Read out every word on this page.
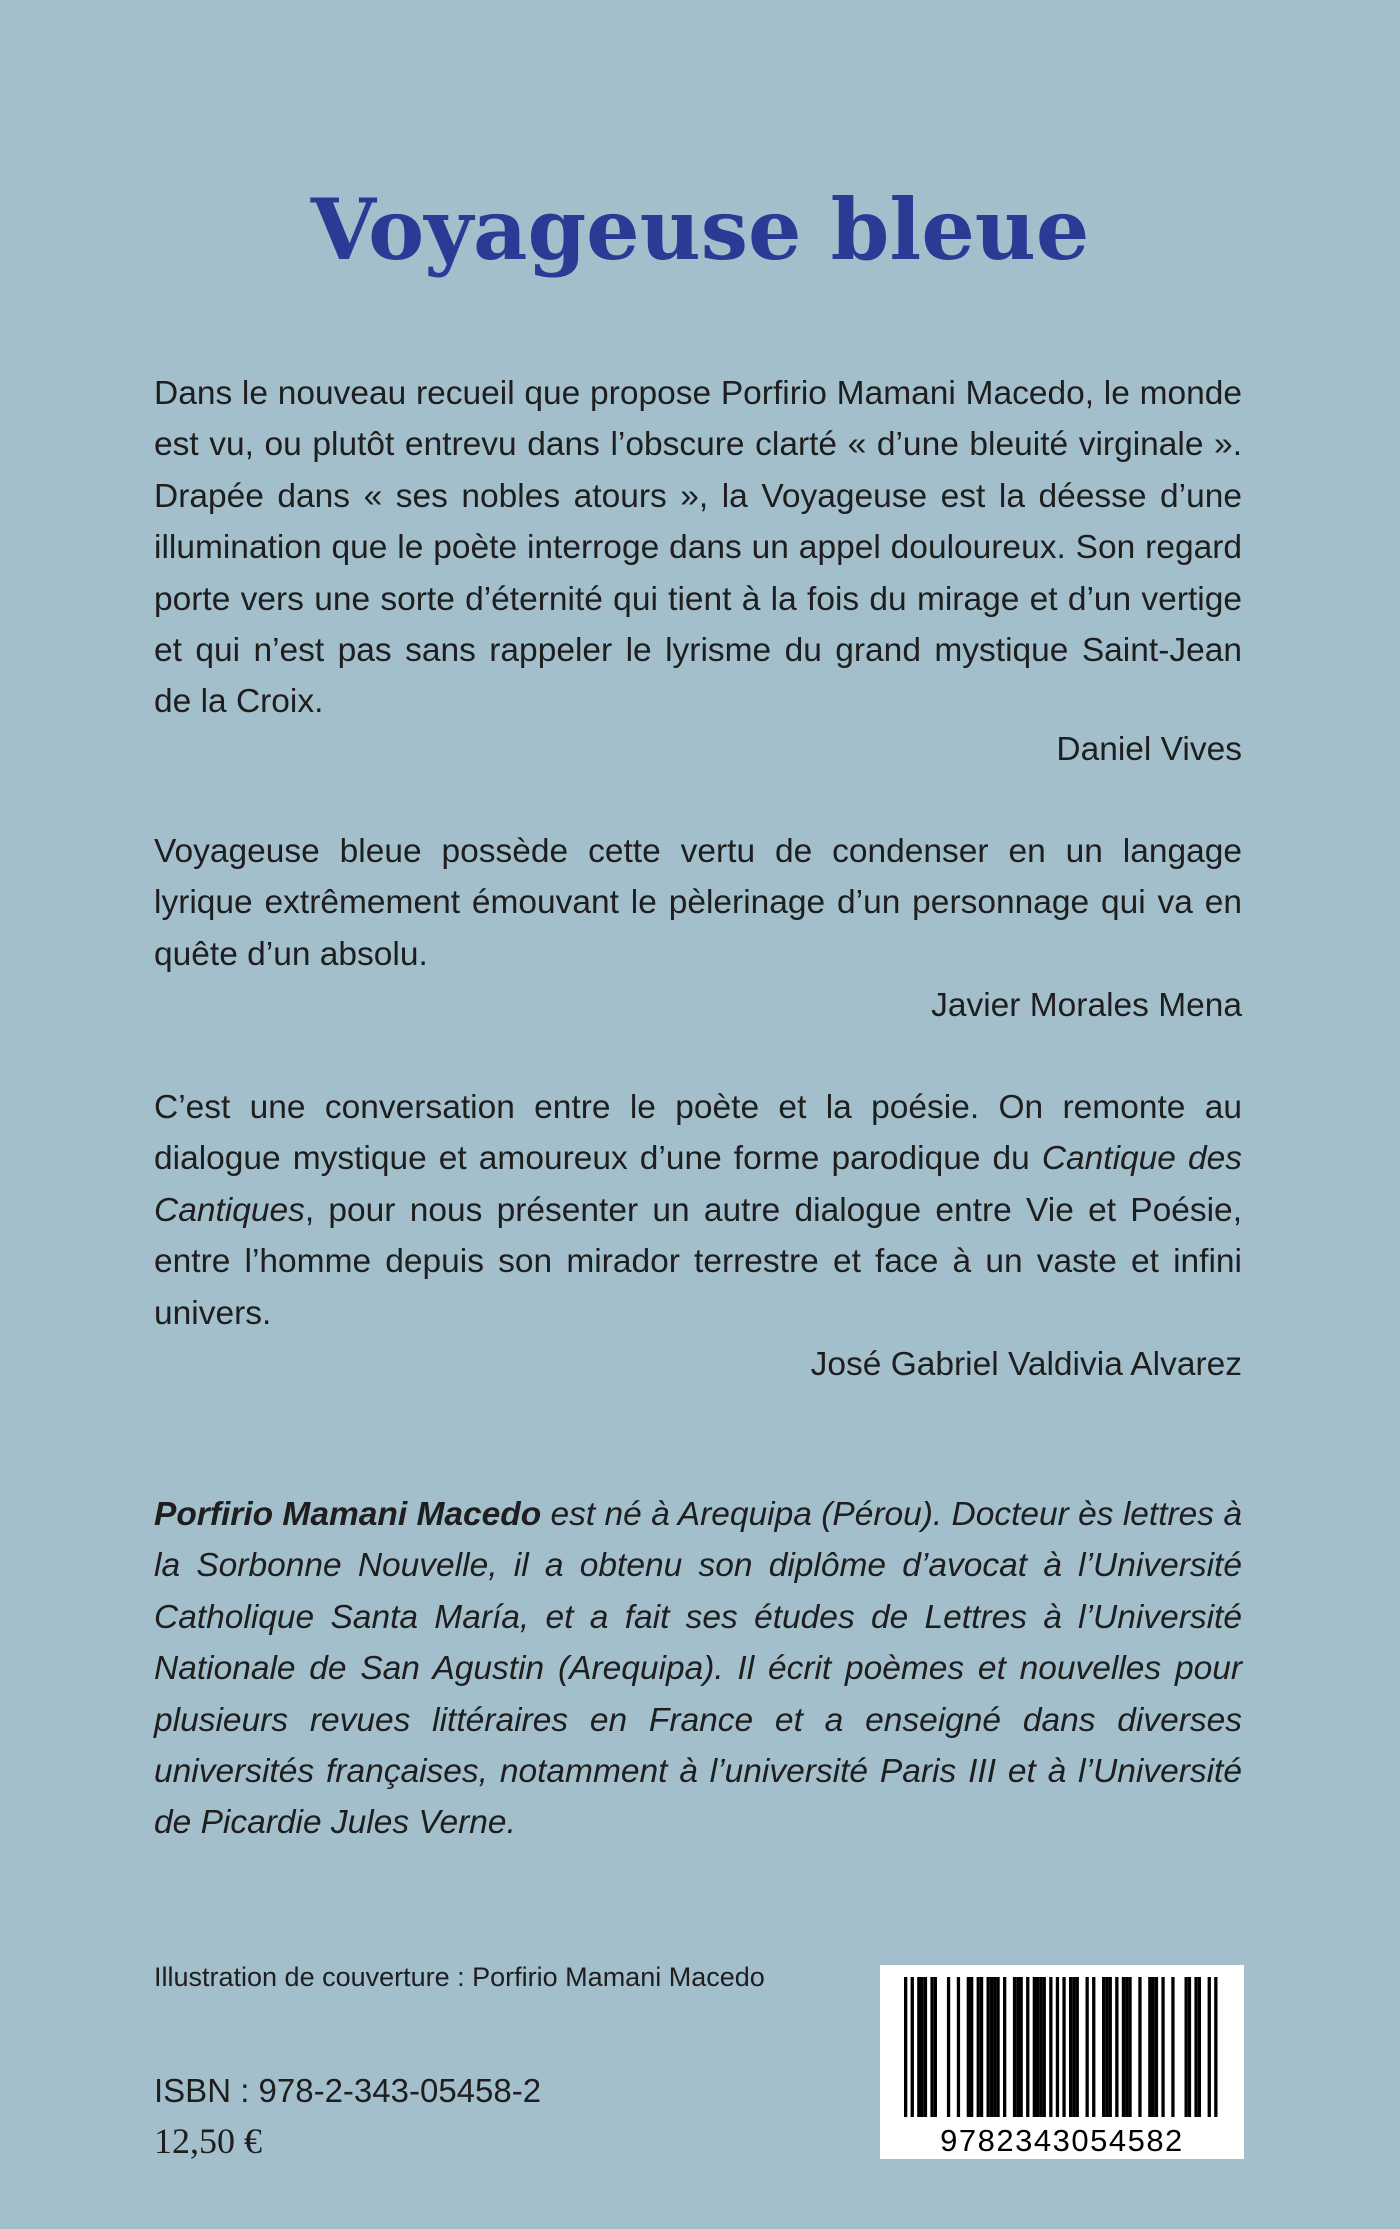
Voyageuse bleue

Dans le nouveau recueil que propose Porfirio Mamani Macedo, le monde est vu, ou plutôt entrevu dans l’obscure clarté « d’une bleuité virginale ». Drapée dans « ses nobles atours », la Voyageuse est la déesse d’une illumination que le poète interroge dans un appel douloureux. Son regard porte vers une sorte d’éternité qui tient à la fois du mirage et d’un vertige et qui n’est pas sans rappeler le lyrisme du grand mystique Saint-Jean de la Croix.

Daniel Vives

Voyageuse bleue possède cette vertu de condenser en un langage lyrique extrêmement émouvant le pèlerinage d’un personnage qui va en quête d’un absolu.

Javier Morales Mena

C’est une conversation entre le poète et la poésie. On remonte au dialogue mystique et amoureux d’une forme parodique du Cantique des Cantiques, pour nous présenter un autre dialogue entre Vie et Poésie, entre l’homme depuis son mirador terrestre et face à un vaste et infini univers.

José Gabriel Valdivia Alvarez

Porfirio Mamani Macedo est né à Arequipa (Pérou). Docteur ès lettres à la Sorbonne Nouvelle, il a obtenu son diplôme d’avocat à l’Université Catholique Santa María, et a fait ses études de Lettres à l’Université Nationale de San Agustin (Arequipa). Il écrit poèmes et nouvelles pour plusieurs revues littéraires en France et a enseigné dans diverses universités françaises, notamment à l’université Paris III et à l’Université de Picardie Jules Verne.

Illustration de couverture : Porfirio Mamani Macedo

ISBN : 978-2-343-05458-2

12,50 €	9782343054582
